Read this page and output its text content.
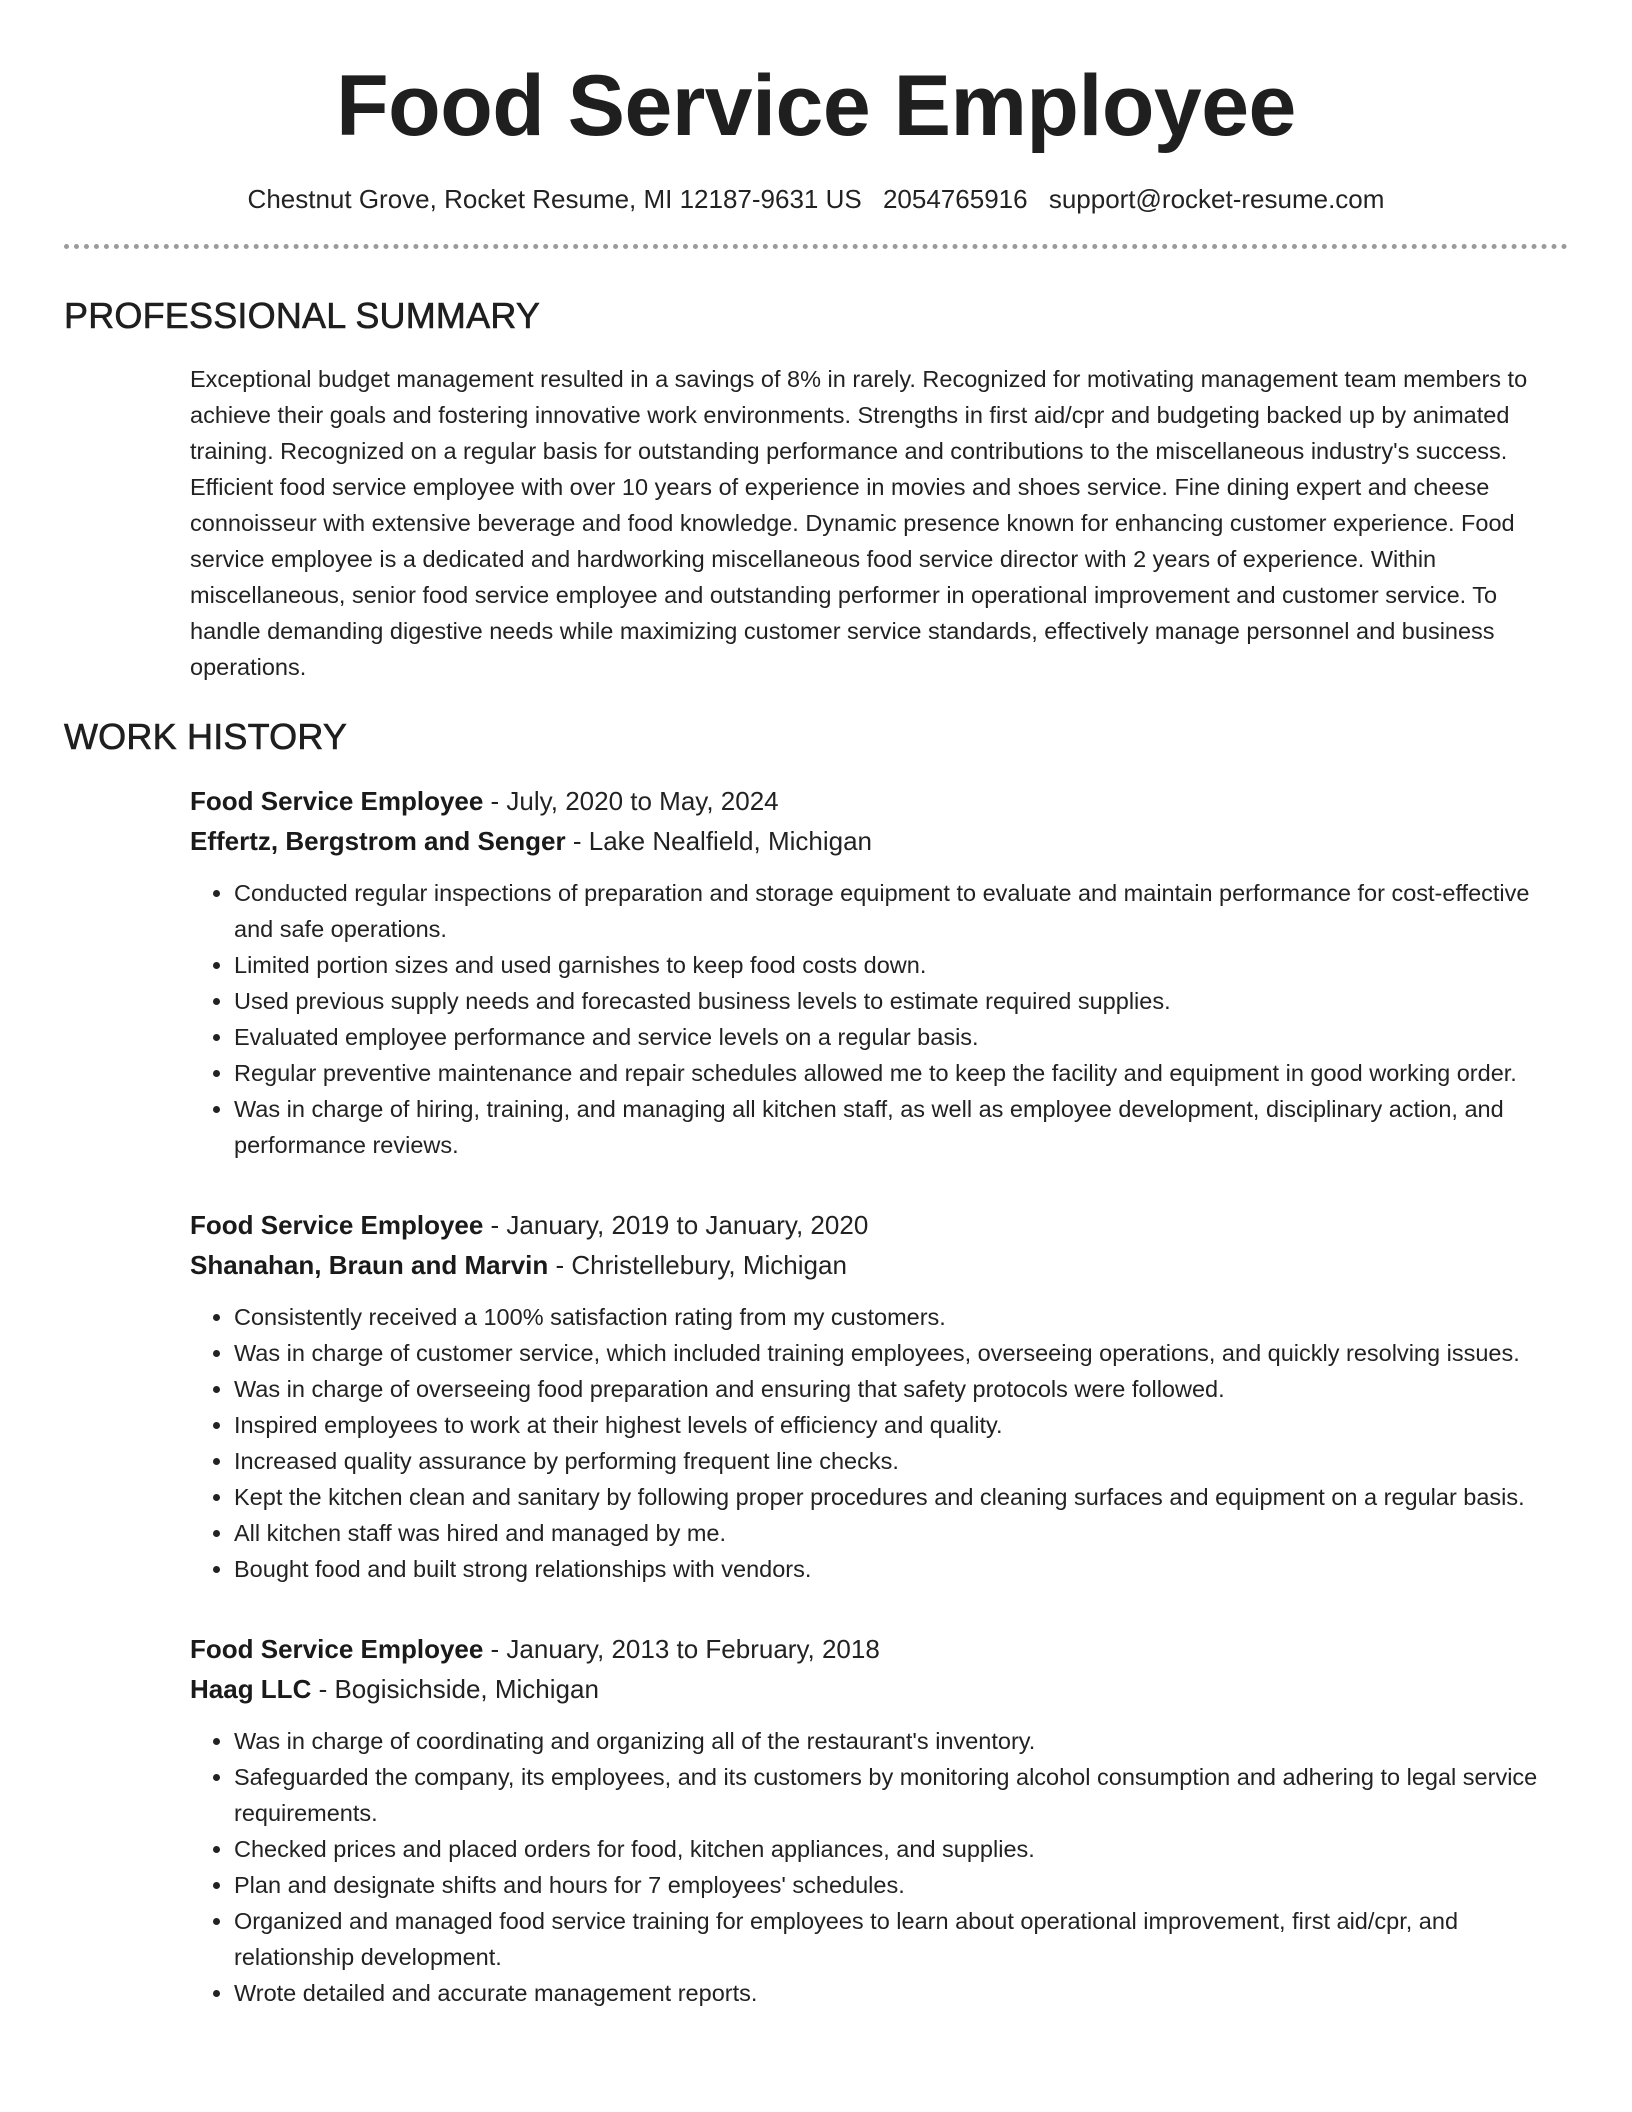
Food Service Employee
Chestnut Grove, Rocket Resume, MI 12187-9631 US 2054765916 support@rocket-resume.com
PROFESSIONAL SUMMARY

Exceptional budget management resulted in a savings of 8% in rarely. Recognized for motivating management team members to achieve their goals and fostering innovative work environments. Strengths in first aid/cpr and budgeting backed up by animated training. Recognized on a regular basis for outstanding performance and contributions to the miscellaneous industry's success. Efficient food service employee with over 10 years of experience in movies and shoes service. Fine dining expert and cheese connoisseur with extensive beverage and food knowledge. Dynamic presence known for enhancing customer experience. Food service employee is a dedicated and hardworking miscellaneous food service director with 2 years of experience. Within miscellaneous, senior food service employee and outstanding performer in operational improvement and customer service. To handle demanding digestive needs while maximizing customer service standards, effectively manage personnel and business operations.

WORK HISTORY
Food Service Employee - July, 2020 to May, 2024
Effertz, Bergstrom and Senger - Lake Nealfield, Michigan
• Conducted regular inspections of preparation and storage equipment to evaluate and maintain performance for cost-effective and safe operations.
• Limited portion sizes and used garnishes to keep food costs down.
• Used previous supply needs and forecasted business levels to estimate required supplies.
• Evaluated employee performance and service levels on a regular basis.
• Regular preventive maintenance and repair schedules allowed me to keep the facility and equipment in good working order.
• Was in charge of hiring, training, and managing all kitchen staff, as well as employee development, disciplinary action, and performance reviews.
Food Service Employee - January, 2019 to January, 2020
Shanahan, Braun and Marvin - Christellebury, Michigan
• Consistently received a 100% satisfaction rating from my customers.
• Was in charge of customer service, which included training employees, overseeing operations, and quickly resolving issues.
• Was in charge of overseeing food preparation and ensuring that safety protocols were followed.
• Inspired employees to work at their highest levels of efficiency and quality.
• Increased quality assurance by performing frequent line checks.
• Kept the kitchen clean and sanitary by following proper procedures and cleaning surfaces and equipment on a regular basis.
• All kitchen staff was hired and managed by me.
• Bought food and built strong relationships with vendors.
Food Service Employee - January, 2013 to February, 2018
Haag LLC - Bogisichside, Michigan
• Was in charge of coordinating and organizing all of the restaurant's inventory.
• Safeguarded the company, its employees, and its customers by monitoring alcohol consumption and adhering to legal service requirements.
• Checked prices and placed orders for food, kitchen appliances, and supplies.
• Plan and designate shifts and hours for 7 employees' schedules.
• Organized and managed food service training for employees to learn about operational improvement, first aid/cpr, and relationship development.
• Wrote detailed and accurate management reports.
